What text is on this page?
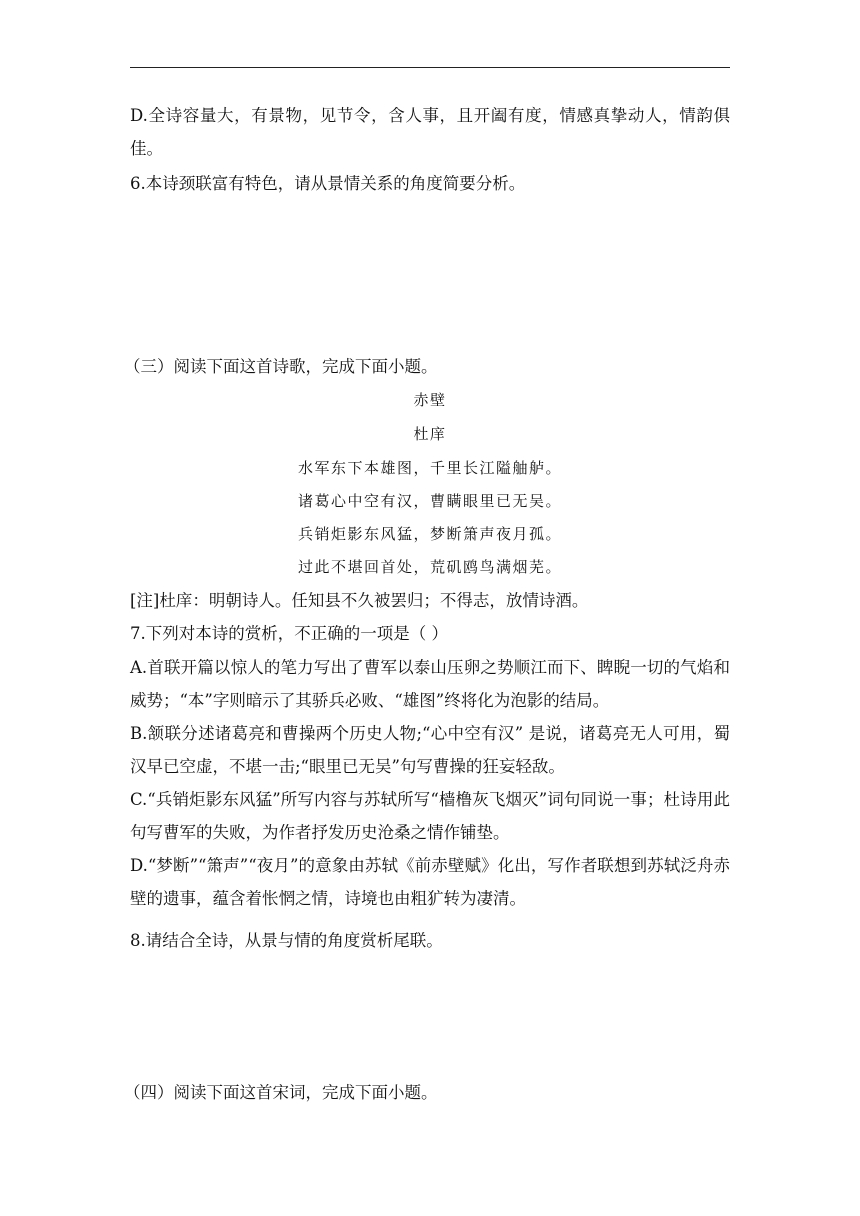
D.全诗容量大，有景物，见节令，含人事，且开阖有度，情感真挚动人，情韵俱佳。
6.本诗颈联富有特色，请从景情关系的角度简要分析。
（三）阅读下面这首诗歌，完成下面小题。
赤壁
杜庠
水军东下本雄图，千里长江隘舳舻。
诸葛心中空有汉，曹瞒眼里已无吴。
兵销炬影东风猛，梦断箫声夜月孤。
过此不堪回首处，荒矶鸥鸟满烟芜。
[注]杜庠：明朝诗人。任知县不久被罢归；不得志，放情诗酒。
7.下列对本诗的赏析，不正确的一项是（ ）
A.首联开篇以惊人的笔力写出了曹军以泰山压卵之势顺江而下、睥睨一切的气焰和威势；“本”字则暗示了其骄兵必败、“雄图”终将化为泡影的结局。
B.颔联分述诸葛亮和曹操两个历史人物;“心中空有汉” 是说，诸葛亮无人可用，蜀汉早已空虚，不堪一击;“眼里已无吴”句写曹操的狂妄轻敌。
C.“兵销炬影东风猛”所写内容与苏轼所写“樯橹灰飞烟灭”词句同说一事；杜诗用此句写曹军的失败，为作者抒发历史沧桑之情作铺垫。
D.“梦断”“箫声”“夜月”的意象由苏轼《前赤壁赋》化出，写作者联想到苏轼泛舟赤壁的遗事，蕴含着怅惘之情，诗境也由粗犷转为凄清。
8.请结合全诗，从景与情的角度赏析尾联。
（四）阅读下面这首宋词，完成下面小题。
